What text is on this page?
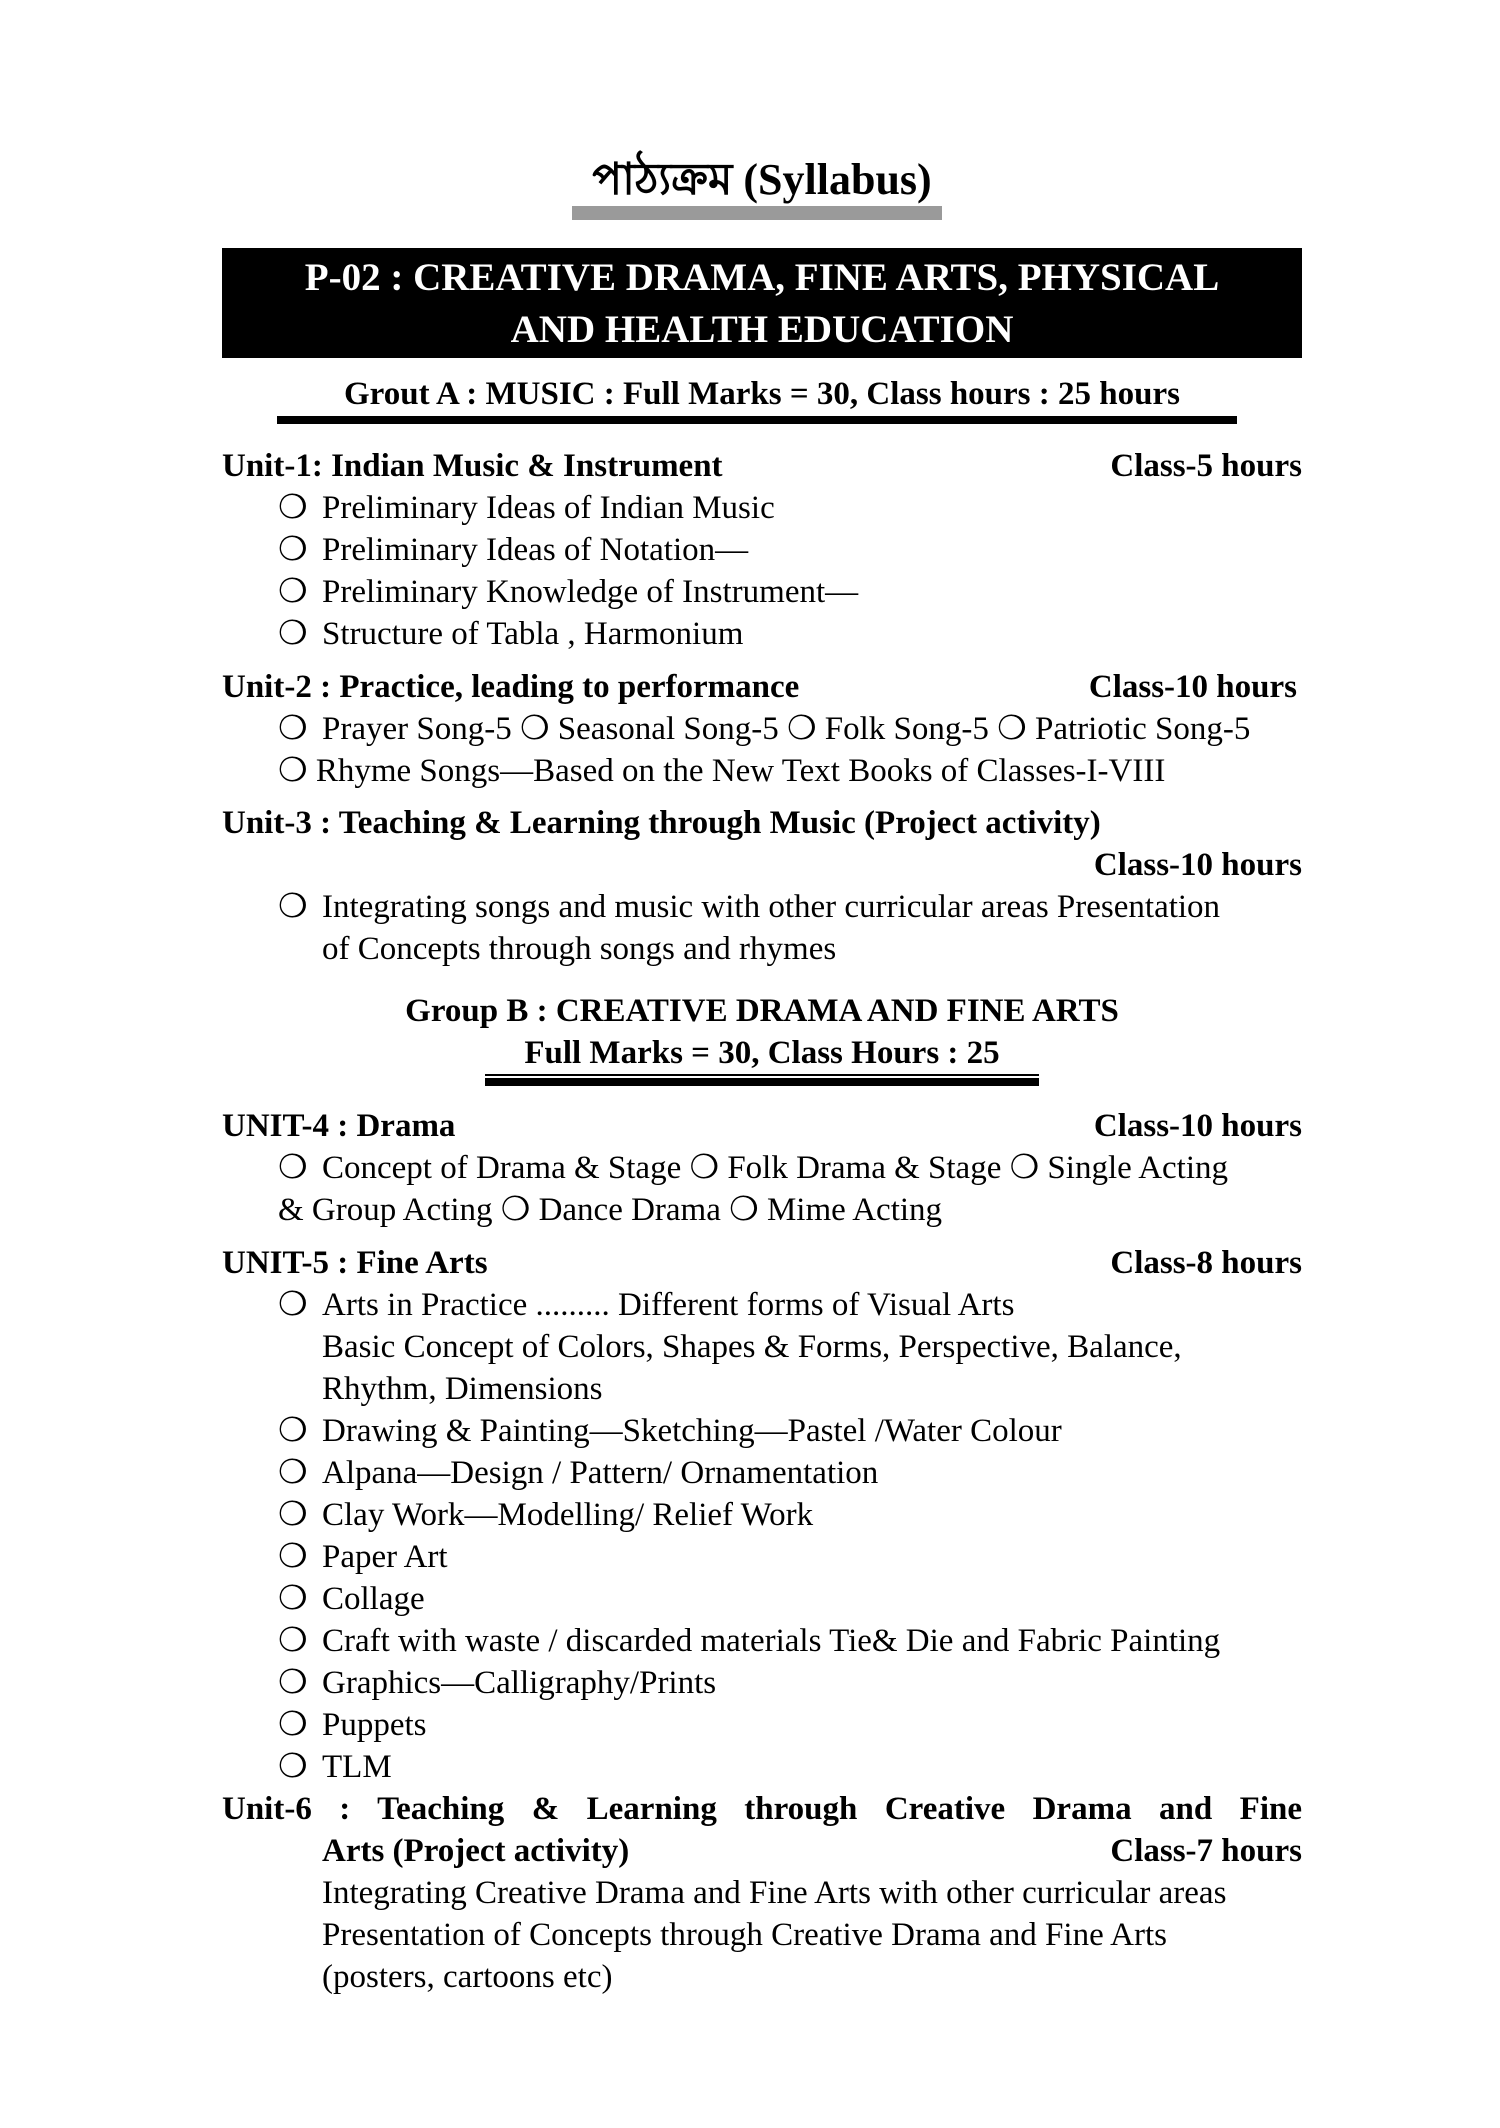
পাঠ্যক্রম (Syllabus)
P-02 : CREATIVE DRAMA, FINE ARTS, PHYSICAL
AND HEALTH EDUCATION
Grout A : MUSIC : Full Marks = 30, Class hours : 25 hours
Unit-1: Indian Music & Instrument	Class-5 hours
❍ Preliminary Ideas of Indian Music
❍ Preliminary Ideas of Notation—
❍ Preliminary Knowledge of Instrument—
❍ Structure of Tabla , Harmonium
Unit-2 : Practice, leading to performance	Class-10 hours
❍ Prayer Song-5 ❍ Seasonal Song-5 ❍ Folk Song-5 ❍ Patriotic Song-5
❍ Rhyme Songs—Based on the New Text Books of Classes-I-VIII
Unit-3 : Teaching & Learning through Music (Project activity)
Class-10 hours
❍ Integrating songs and music with other curricular areas Presentation
of Concepts through songs and rhymes
Group B : CREATIVE DRAMA AND FINE ARTS
Full Marks = 30, Class Hours : 25
UNIT-4 : Drama	Class-10 hours
❍ Concept of Drama & Stage ❍ Folk Drama & Stage ❍ Single Acting
& Group Acting ❍ Dance Drama ❍ Mime Acting
UNIT-5 : Fine Arts	Class-8 hours
❍ Arts in Practice ......... Different forms of Visual Arts
Basic Concept of Colors, Shapes & Forms, Perspective, Balance,
Rhythm, Dimensions
❍ Drawing & Painting—Sketching—Pastel /Water Colour
❍ Alpana—Design / Pattern/ Ornamentation
❍ Clay Work—Modelling/ Relief Work
❍ Paper Art
❍ Collage
❍ Craft with waste / discarded materials Tie& Die and Fabric Painting
❍ Graphics—Calligraphy/Prints
❍ Puppets
❍ TLM
Unit-6 : Teaching & Learning through Creative Drama and Fine
Arts (Project activity)	Class-7 hours
Integrating Creative Drama and Fine Arts with other curricular areas
Presentation of Concepts through Creative Drama and Fine Arts
(posters, cartoons etc)
